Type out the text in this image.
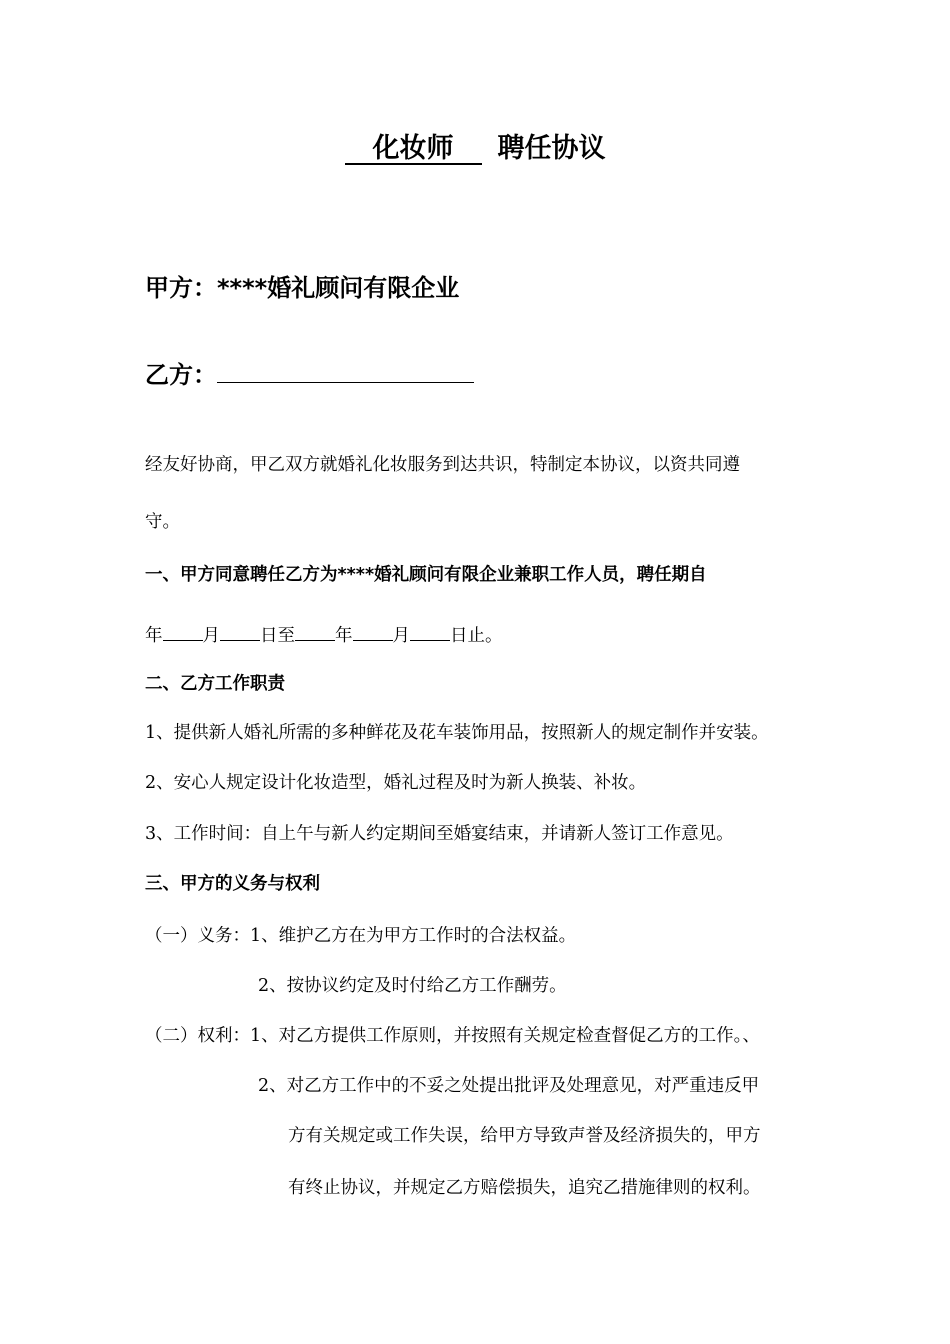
化妆师 聘任协议
甲方：****婚礼顾问有限企业
乙方：
经友好协商，甲乙双方就婚礼化妆服务到达共识，特制定本协议，以资共同遵
守。
一、甲方同意聘任乙方为****婚礼顾问有限企业兼职工作人员，聘任期自
年 月 日至 年 月 日止。
二、乙方工作职责
1、提供新人婚礼所需的多种鲜花及花车装饰用品，按照新人的规定制作并安装。
2、安心人规定设计化妆造型，婚礼过程及时为新人换装、补妆。
3、工作时间：自上午与新人约定期间至婚宴结束，并请新人签订工作意见。
三、甲方的义务与权利
（一）义务：1、维护乙方在为甲方工作时的合法权益。
2、按协议约定及时付给乙方工作酬劳。
（二）权利：1、对乙方提供工作原则，并按照有关规定检查督促乙方的工作。、
2、对乙方工作中的不妥之处提出批评及处理意见，对严重违反甲
方有关规定或工作失误，给甲方导致声誉及经济损失的，甲方
有终止协议，并规定乙方赔偿损失，追究乙措施律则的权利。
